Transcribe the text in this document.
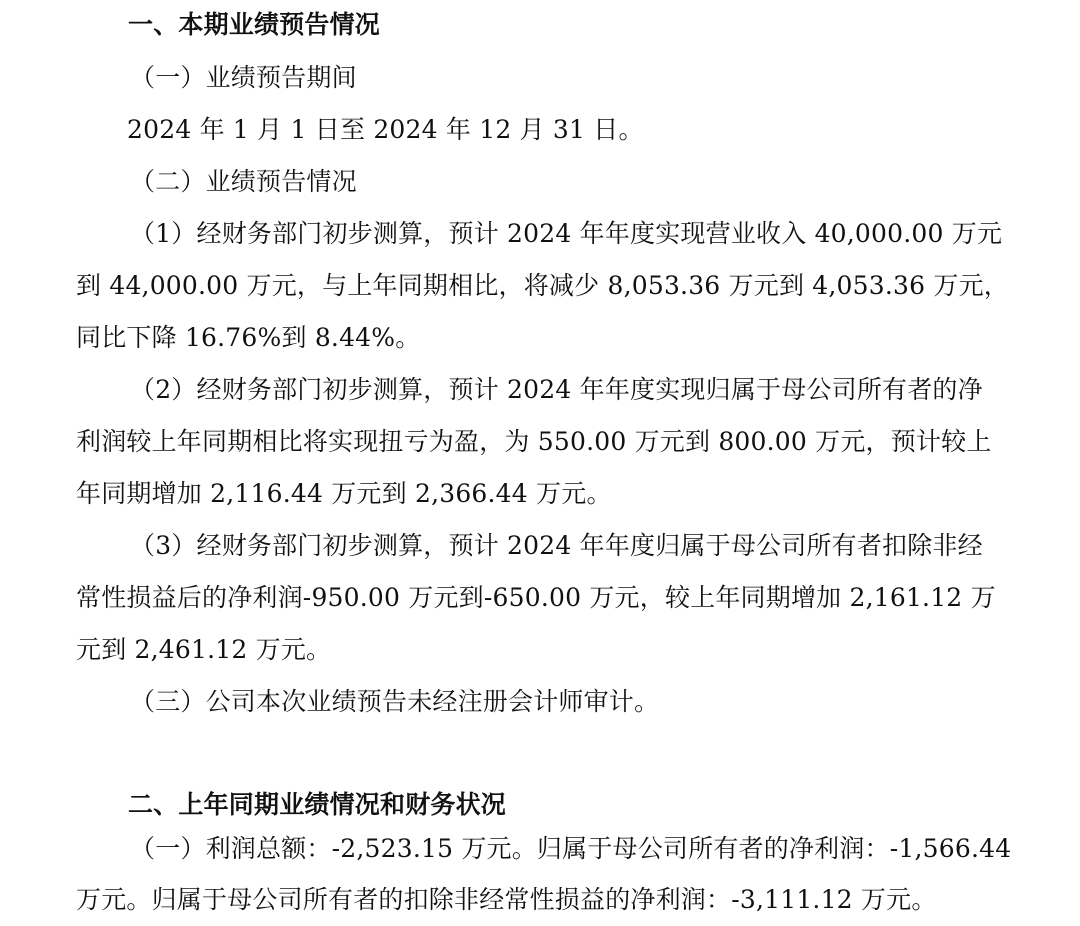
一、本期业绩预告情况
（一）业绩预告期间
2024 年 1 月 1 日至 2024 年 12 月 31 日。
（二）业绩预告情况
（1）经财务部门初步测算，预计 2024 年年度实现营业收入 40,000.00 万元
到 44,000.00 万元，与上年同期相比，将减少 8,053.36 万元到 4,053.36 万元，
同比下降 16.76%到 8.44%。
（2）经财务部门初步测算，预计 2024 年年度实现归属于母公司所有者的净
利润较上年同期相比将实现扭亏为盈，为 550.00 万元到 800.00 万元，预计较上
年同期增加 2,116.44 万元到 2,366.44 万元。
（3）经财务部门初步测算，预计 2024 年年度归属于母公司所有者扣除非经
常性损益后的净利润-950.00 万元到-650.00 万元，较上年同期增加 2,161.12 万
元到 2,461.12 万元。
（三）公司本次业绩预告未经注册会计师审计。
二、上年同期业绩情况和财务状况
（一）利润总额：-2,523.15 万元。归属于母公司所有者的净利润：-1,566.44
万元。归属于母公司所有者的扣除非经常性损益的净利润：-3,111.12 万元。
